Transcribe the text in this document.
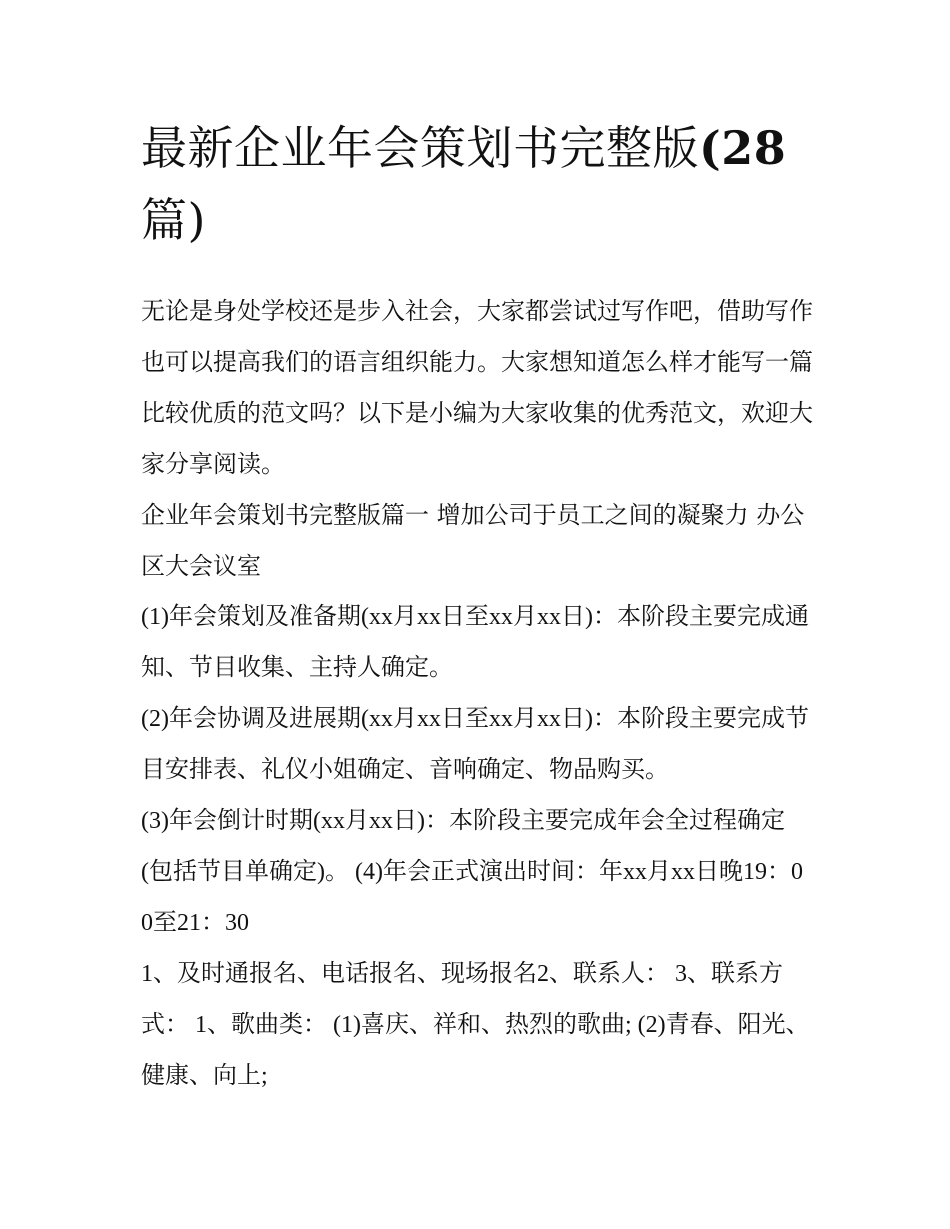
最新企业年会策划书完整版(28
篇)

无论是身处学校还是步入社会，大家都尝试过写作吧，借助写作也可以提高我们的语言组织能力。大家想知道怎么样才能写一篇比较优质的范文吗？以下是小编为大家收集的优秀范文，欢迎大家分享阅读。

企业年会策划书完整版篇一 增加公司于员工之间的凝聚力 办公区大会议室

(1)年会策划及准备期(xx月xx日至xx月xx日)：本阶段主要完成通知、节目收集、主持人确定。

(2)年会协调及进展期(xx月xx日至xx月xx日)：本阶段主要完成节目安排表、礼仪小姐确定、音响确定、物品购买。

(3)年会倒计时期(xx月xx日)：本阶段主要完成年会全过程确定(包括节目单确定)。 (4)年会正式演出时间：年xx月xx日晚19：00至21：30

1、及时通报名、电话报名、现场报名2、联系人： 3、联系方式： 1、歌曲类： (1)喜庆、祥和、热烈的歌曲; (2)青春、阳光、健康、向上;
